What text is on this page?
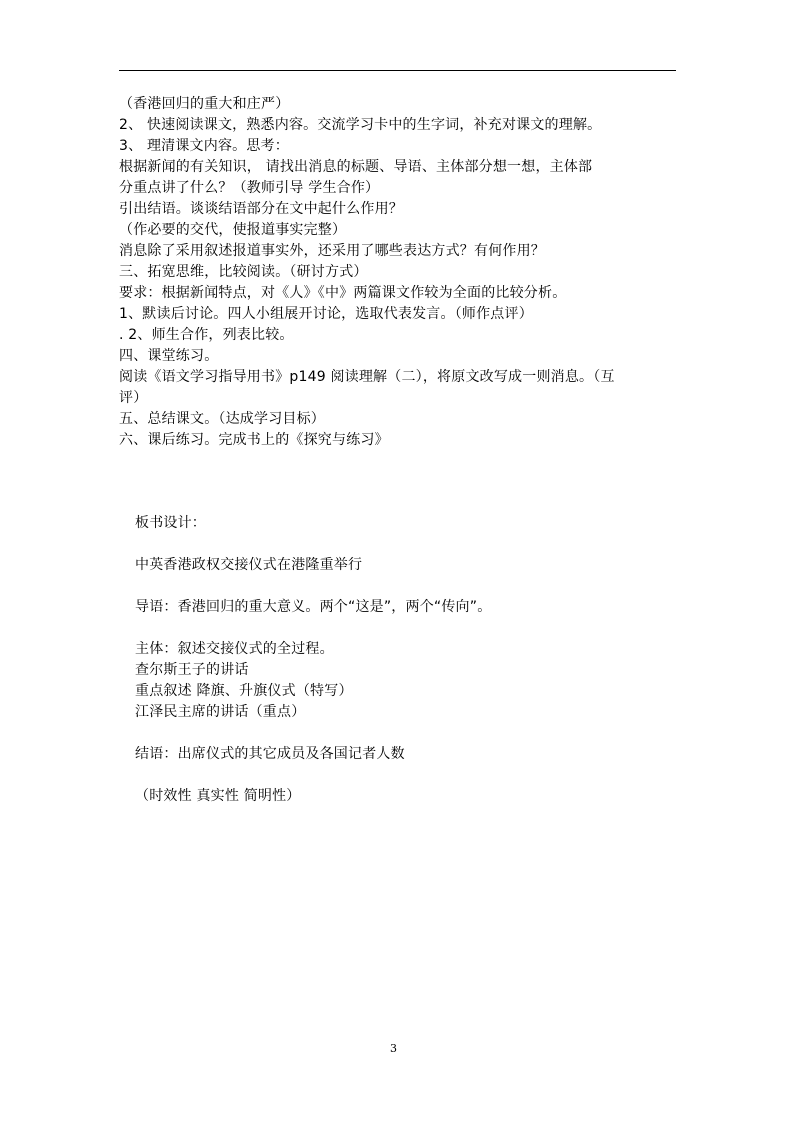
（香港回归的重大和庄严）
2、 快速阅读课文，熟悉内容。交流学习卡中的生字词，补充对课文的理解。
3、 理清课文内容。思考：
根据新闻的有关知识， 请找出消息的标题、导语、主体部分想一想，主体部
分重点讲了什么？（教师引导 学生合作）
引出结语。谈谈结语部分在文中起什么作用？
（作必要的交代，使报道事实完整）
消息除了采用叙述报道事实外，还采用了哪些表达方式？有何作用？
三、拓宽思维，比较阅读。（研讨方式）
要求：根据新闻特点，对《人》《中》两篇课文作较为全面的比较分析。
1、默读后讨论。四人小组展开讨论，选取代表发言。（师作点评）
. 2、师生合作，列表比较。
四、课堂练习。
阅读《语文学习指导用书》p149 阅读理解（二），将原文改写成一则消息。（互
评）
五、总结课文。（达成学习目标）
六、课后练习。完成书上的《探究与练习》
板书设计：
中英香港政权交接仪式在港隆重举行
导语：香港回归的重大意义。两个“这是”，两个“传向”。
主体：叙述交接仪式的全过程。
查尔斯王子的讲话
重点叙述 降旗、升旗仪式（特写）
江泽民主席的讲话（重点）
结语：出席仪式的其它成员及各国记者人数
（时效性 真实性 简明性）
3
